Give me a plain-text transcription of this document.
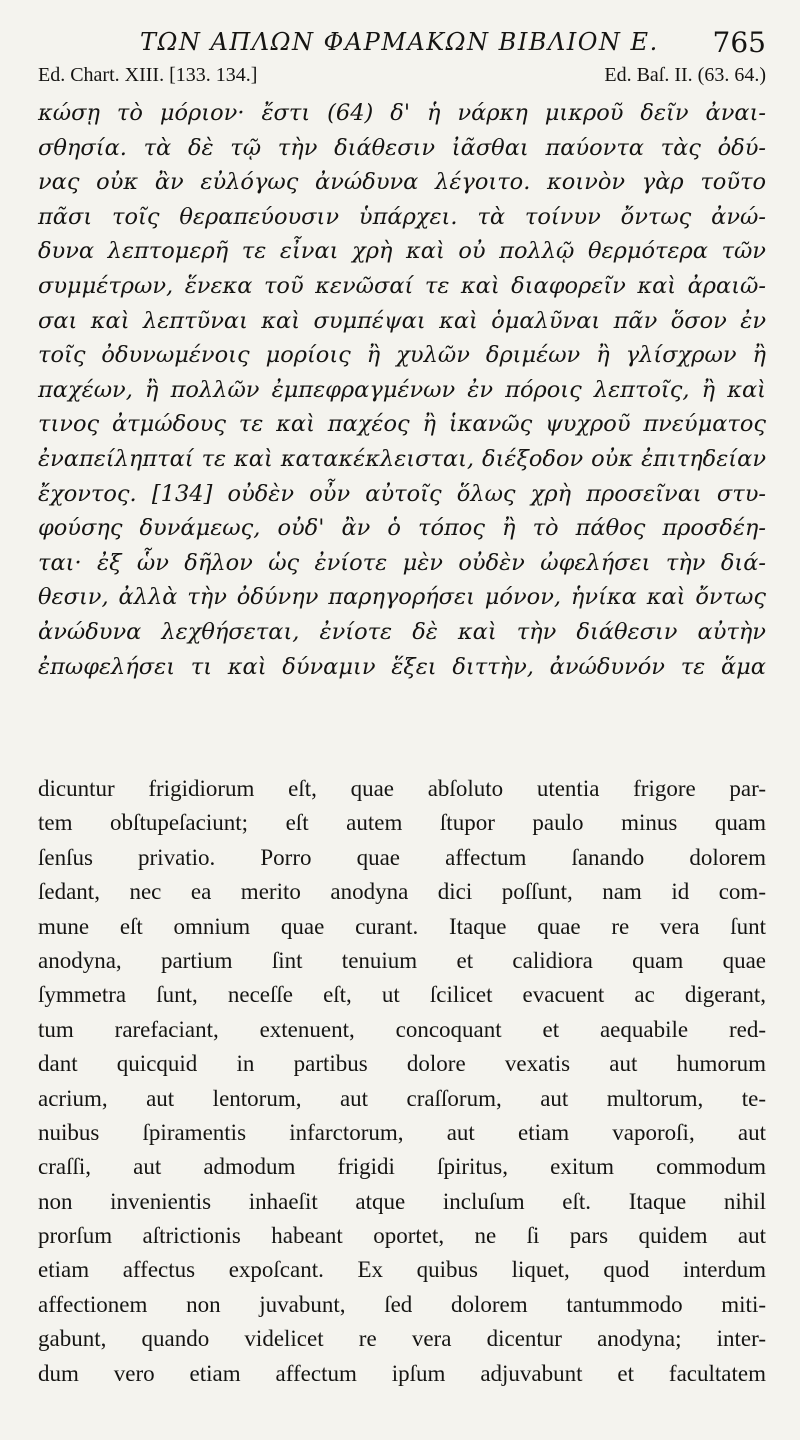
ΤΩΝ ΑΠΛΩΝ ΦΑΡΜΑΚΩΝ ΒΙΒΛΙΟΝ Ε. 765
Ed. Chart. XIII. [133. 134.]	Ed. Baſ. II. (63. 64.)
κώσῃ τὸ μόριον· ἔστι (64) δ' ἡ νάρκη μικροῦ δεῖν ἀναι-
σθησία. τὰ δὲ τῷ τὴν διάθεσιν ἰᾶσθαι παύοντα τὰς ὀδύ-
νας οὐκ ἂν εὐλόγως ἀνώδυνα λέγοιτο. κοινὸν γὰρ τοῦτο
πᾶσι τοῖς θεραπεύουσιν ὑπάρχει. τὰ τοίνυν ὄντως ἀνώ-
δυνα λεπτομερῆ τε εἶναι χρὴ καὶ οὐ πολλῷ θερμότερα τῶν
συμμέτρων, ἕνεκα τοῦ κενῶσαί τε καὶ διαφορεῖν καὶ ἀραιῶ-
σαι καὶ λεπτῦναι καὶ συμπέψαι καὶ ὁμαλῦναι πᾶν ὅσον ἐν
τοῖς ὀδυνωμένοις μορίοις ἢ χυλῶν δριμέων ἢ γλίσχρων ἢ
παχέων, ἢ πολλῶν ἐμπεφραγμένων ἐν πόροις λεπτοῖς, ἢ καὶ
τινος ἀτμώδους τε καὶ παχέος ἢ ἱκανῶς ψυχροῦ πνεύματος
ἐναπείληπταί τε καὶ κατακέκλεισται, διέξοδον οὐκ ἐπιτηδείαν
ἔχοντος. [134] οὐδὲν οὖν αὐτοῖς ὅλως χρὴ προσεῖναι στυ-
φούσης δυνάμεως, οὐδ' ἂν ὁ τόπος ἢ τὸ πάθος προσδέη-
ται· ἐξ ὧν δῆλον ὡς ἐνίοτε μὲν οὐδὲν ὠφελήσει τὴν διά-
θεσιν, ἀλλὰ τὴν ὀδύνην παρηγορήσει μόνον, ἡνίκα καὶ ὄντως
ἀνώδυνα λεχθήσεται, ἐνίοτε δὲ καὶ τὴν διάθεσιν αὐτὴν
ἐπωφελήσει τι καὶ δύναμιν ἕξει διττὴν, ἀνώδυνόν τε ἅμα
dicuntur frigidiorum eſt, quae abſoluto utentia frigore par-
tem obſtupeſaciunt; eſt autem ſtupor paulo minus quam
ſenſus privatio. Porro quae affectum ſanando dolorem
ſedant, nec ea merito anodyna dici poſſunt, nam id com-
mune eſt omnium quae curant. Itaque quae re vera ſunt
anodyna, partium ſint tenuium et calidiora quam quae
ſymmetra ſunt, neceſſe eſt, ut ſcilicet evacuent ac digerant,
tum rarefaciant, extenuent, concoquant et aequabile red-
dant quicquid in partibus dolore vexatis aut humorum
acrium, aut lentorum, aut craſſorum, aut multorum, te-
nuibus ſpiramentis infarctorum, aut etiam vaporoſi, aut
craſſi, aut admodum frigidi ſpiritus, exitum commodum
non invenientis inhaeſit atque incluſum eſt. Itaque nihil
prorſum aſtrictionis habeant oportet, ne ſi pars quidem aut
etiam affectus expoſcant. Ex quibus liquet, quod interdum
affectionem non juvabunt, ſed dolorem tantummodo miti-
gabunt, quando videlicet re vera dicentur anodyna; inter-
dum vero etiam affectum ipſum adjuvabunt et facultatem
